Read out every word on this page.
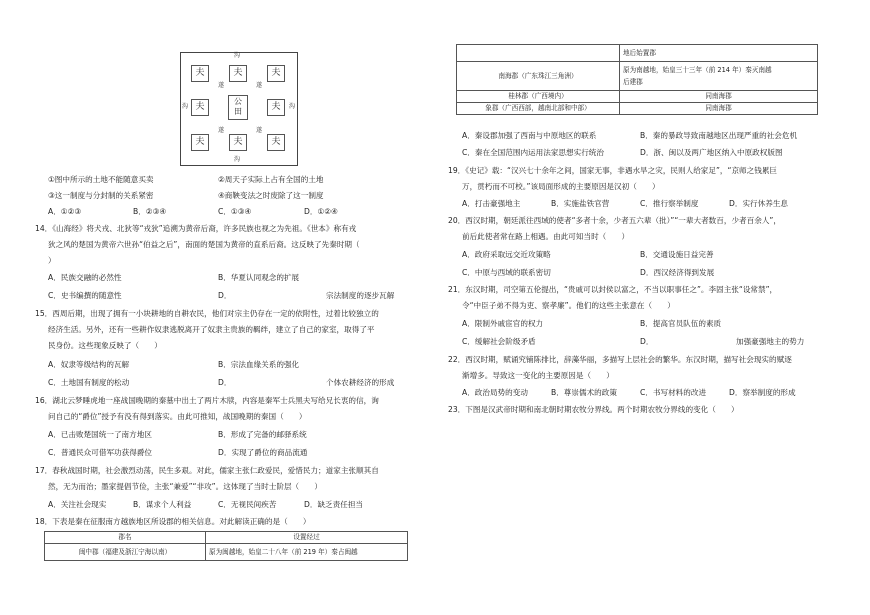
沟
沟
沟	沟
遂	遂
遂	遂
夫	夫	夫
夫
公
田	夫
夫	夫	夫
①图中所示的土地不能随意买卖	②周天子实际上占有全国的土地
③这一制度与分封制的关系紧密	④商鞅变法之时废除了这一制度
A．①②③	B．②③④	C．①③④	D．①②④
14．《山海经》将犬戎、北狄等“戎狄”追溯为黄帝后裔，许多民族也视之为先祖。《世本》称有戎
狄之风的楚国为黄帝六世孙“伯益之后”，南面的楚国为黄帝的直系后裔。这反映了先秦时期（
）
A．民族交融的必然性	B．华夏认同观念的扩展
C．史书编撰的随意性	D．	宗法制度的逐步瓦解
15．西周后期，出现了拥有一小块耕地的自耕农民，他们对宗主仍存在一定的依附性，过着比较独立的
经济生活。另外，还有一些耕作奴隶逃脱离开了奴隶主贵族的羁绊，建立了自己的家室，取得了平
民身份。这些现象反映了（　　）
A．奴隶等级结构的瓦解	B．宗法血缘关系的强化
C．土地国有制度的松动	D．	个体农耕经济的形成
16．湖北云梦睡虎地一座战国晚期的秦墓中出土了两片木牍，内容是秦军士兵黑夫写给兄长衷的信，询
问自己的“爵位”授予有没有得到落实。由此可推知，战国晚期的秦国（　　）
A．已击败楚国统一了南方地区	B．形成了完备的邮驿系统
C．普通民众可借军功获得爵位	D．实现了爵位的商品流通
17．春秋战国时期，社会激烈动荡，民生多艰。对此，儒家主张仁政爱民，爱惜民力；道家主张顺其自
然，无为而治；墨家提倡节俭，主张“兼爱”“非攻”。这体现了当时士阶层（　　）
A．关注社会现实	B．谋求个人利益	C．无视民间疾苦	D．缺乏责任担当
18．下表是秦在征服南方越族地区所设郡的相关信息。对此解读正确的是（　　）
郡名	设置经过
闽中郡（福建及浙江宁海以南）	原为闽越地，始皇二十八年（前 219 年）秦占闽越
	地后始置郡
南海郡（广东珠江三角洲）	原为南越地，始皇三十三年（前 214 年）秦灭南越
后建郡
桂林郡（广西境内）	同南海郡
象郡（广西西部，越南北部和中部）	同南海郡
A．秦设郡加强了西南与中原地区的联系	B．秦的暴政导致南越地区出现严重的社会危机
C．秦在全国范围内运用法家思想实行统治	D．浙、闽以及两广地区纳入中原政权版图
19．《史记》载：“汉兴七十余年之间，国家无事，非遇水旱之灾，民则人给家足”，“京师之钱累巨
万，贯朽而不可校。”该局面形成的主要原因是汉初（　　）
A．打击豪强地主	B．实施盐铁官营	C．推行察举制度	D．实行休养生息
20．西汉时期，朝廷派往西域的使者“多者十余，少者五六辈（批）”“一辈大者数百，少者百余人”，
前后此使者常在路上相遇。由此可知当时（　　）
A．政府采取远交近攻策略	B．交通设施日益完善
C．中原与西域的联系密切	D．西汉经济得到发展
21．东汉时期，司空第五伦提出，“贵戚可以封侯以富之，不当以职事任之”。李固主张“设常禁”，
令“中臣子弟不得为吏、察孝廉”。他们的这些主张意在（　　）
A．限制外戚宦官的权力	B．提高官员队伍的素质
C．缓解社会阶级矛盾	D．	加强豪强地主的势力
22．西汉时期，赋诵究铺陈排比，辞藻华丽，多描写上层社会的繁华。东汉时期，描写社会现实的赋逐
渐增多。导致这一变化的主要原因是（　　）
A．政治局势的变动	B．尊崇儒术的政策	C．书写材料的改进	D．察举制度的形成
23．下图是汉武帝时期和南北朝时期农牧分界线。两个时期农牧分界线的变化（　　）
